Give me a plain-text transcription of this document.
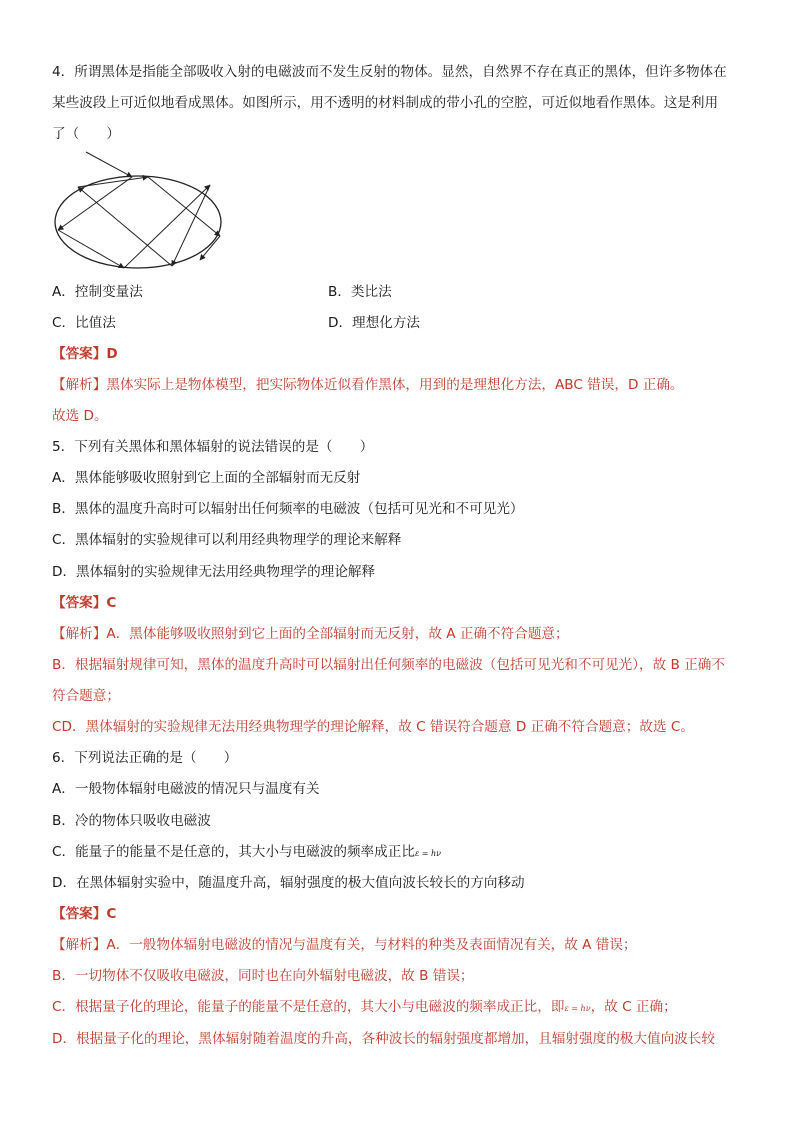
4．所谓黑体是指能全部吸收入射的电磁波而不发生反射的物体。显然，自然界不存在真正的黑体，但许多物体在
某些波段上可近似地看成黑体。如图所示，用不透明的材料制成的带小孔的空腔，可近似地看作黑体。这是利用
了（　　）
A．控制变量法	B．类比法
C．比值法	D．理想化方法
【答案】D
【解析】黑体实际上是物体模型，把实际物体近似看作黑体，用到的是理想化方法，ABC 错误，D 正确。
故选 D。
5．下列有关黑体和黑体辐射的说法错误的是（　　）
A．黑体能够吸收照射到它上面的全部辐射而无反射
B．黑体的温度升高时可以辐射出任何频率的电磁波（包括可见光和不可见光）
C．黑体辐射的实验规律可以利用经典物理学的理论来解释
D．黑体辐射的实验规律无法用经典物理学的理论解释
【答案】C
【解析】A．黑体能够吸收照射到它上面的全部辐射而无反射，故 A 正确不符合题意；
B．根据辐射规律可知，黑体的温度升高时可以辐射出任何频率的电磁波（包括可见光和不可见光），故 B 正确不
符合题意；
CD．黑体辐射的实验规律无法用经典物理学的理论解释，故 C 错误符合题意 D 正确不符合题意；故选 C。
6．下列说法正确的是（　　）
A．一般物体辐射电磁波的情况只与温度有关
B．冷的物体只吸收电磁波
C．能量子的能量不是任意的，其大小与电磁波的频率成正比ε = hν
D．在黑体辐射实验中，随温度升高，辐射强度的极大值向波长较长的方向移动
【答案】C
【解析】A．一般物体辐射电磁波的情况与温度有关，与材料的种类及表面情况有关，故 A 错误；
B．一切物体不仅吸收电磁波，同时也在向外辐射电磁波，故 B 错误；
C．根据量子化的理论，能量子的能量不是任意的，其大小与电磁波的频率成正比，即ε = hν，故 C 正确；
D．根据量子化的理论，黑体辐射随着温度的升高，各种波长的辐射强度都增加，且辐射强度的极大值向波长较
